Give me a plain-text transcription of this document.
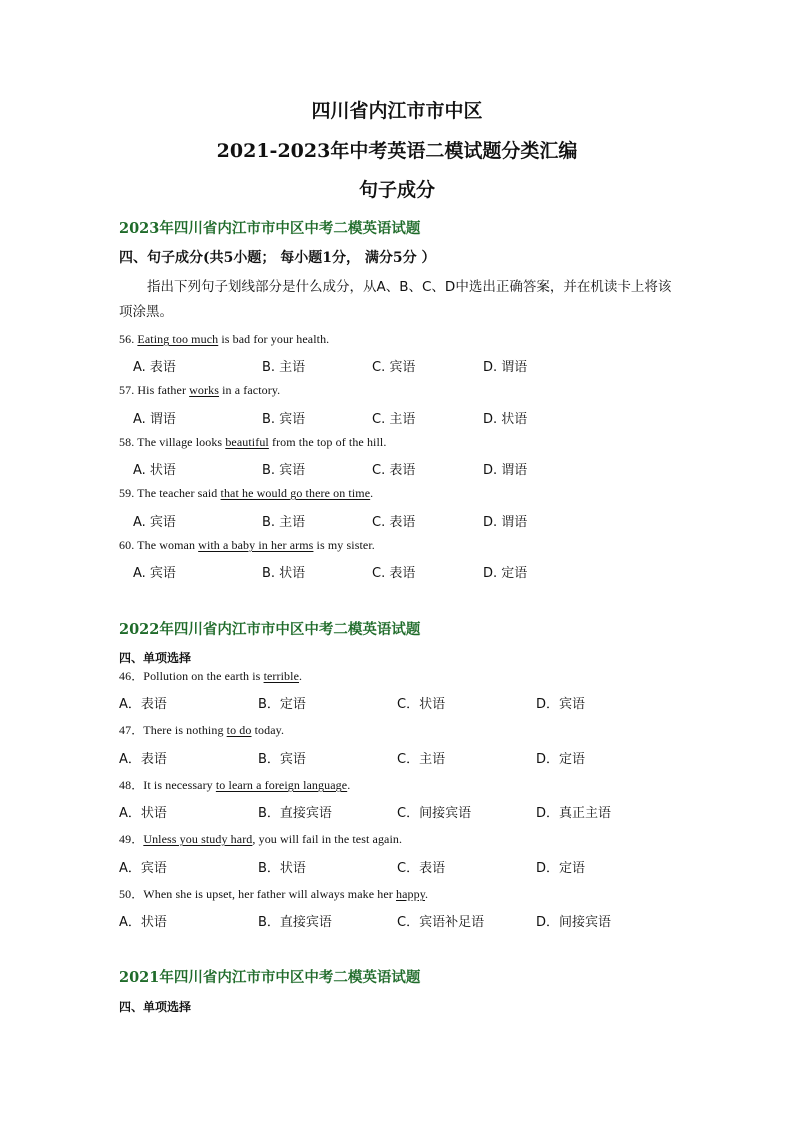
四川省内江市市中区
2021-2023年中考英语二模试题分类汇编
句子成分

2023年四川省内江市市中区中考二模英语试题

四、句子成分(共5小题； 每小题1分， 满分5分 ）

指出下列句子划线部分是什么成分，从A、B、C、D中选出正确答案，并在机读卡上将该项涂黑。

56. Eating too much is bad for your health.

A. 表语	B. 主语	C. 宾语	D. 谓语

57. His father works in a factory.

A. 谓语	B. 宾语	C. 主语	D. 状语

58. The village looks beautiful from the top of the hill.

A. 状语	B. 宾语	C. 表语	D. 谓语

59. The teacher said that he would go there on time.

A. 宾语	B. 主语	C. 表语	D. 谓语

60. The woman with a baby in her arms is my sister.

A. 宾语	B. 状语	C. 表语	D. 定语

2022年四川省内江市市中区中考二模英语试题

四、单项选择

46．Pollution on the earth is terrible.

A．表语	B．定语	C．状语	D．宾语

47．There is nothing to do today.

A．表语	B．宾语	C．主语	D．定语

48．It is necessary to learn a foreign language.

A．状语	B．直接宾语	C．间接宾语	D．真正主语

49．Unless you study hard, you will fail in the test again.

A．宾语	B．状语	C．表语	D．定语

50．When she is upset, her father will always make her happy.

A．状语	B．直接宾语	C．宾语补足语	D．间接宾语

2021年四川省内江市市中区中考二模英语试题

四、单项选择
